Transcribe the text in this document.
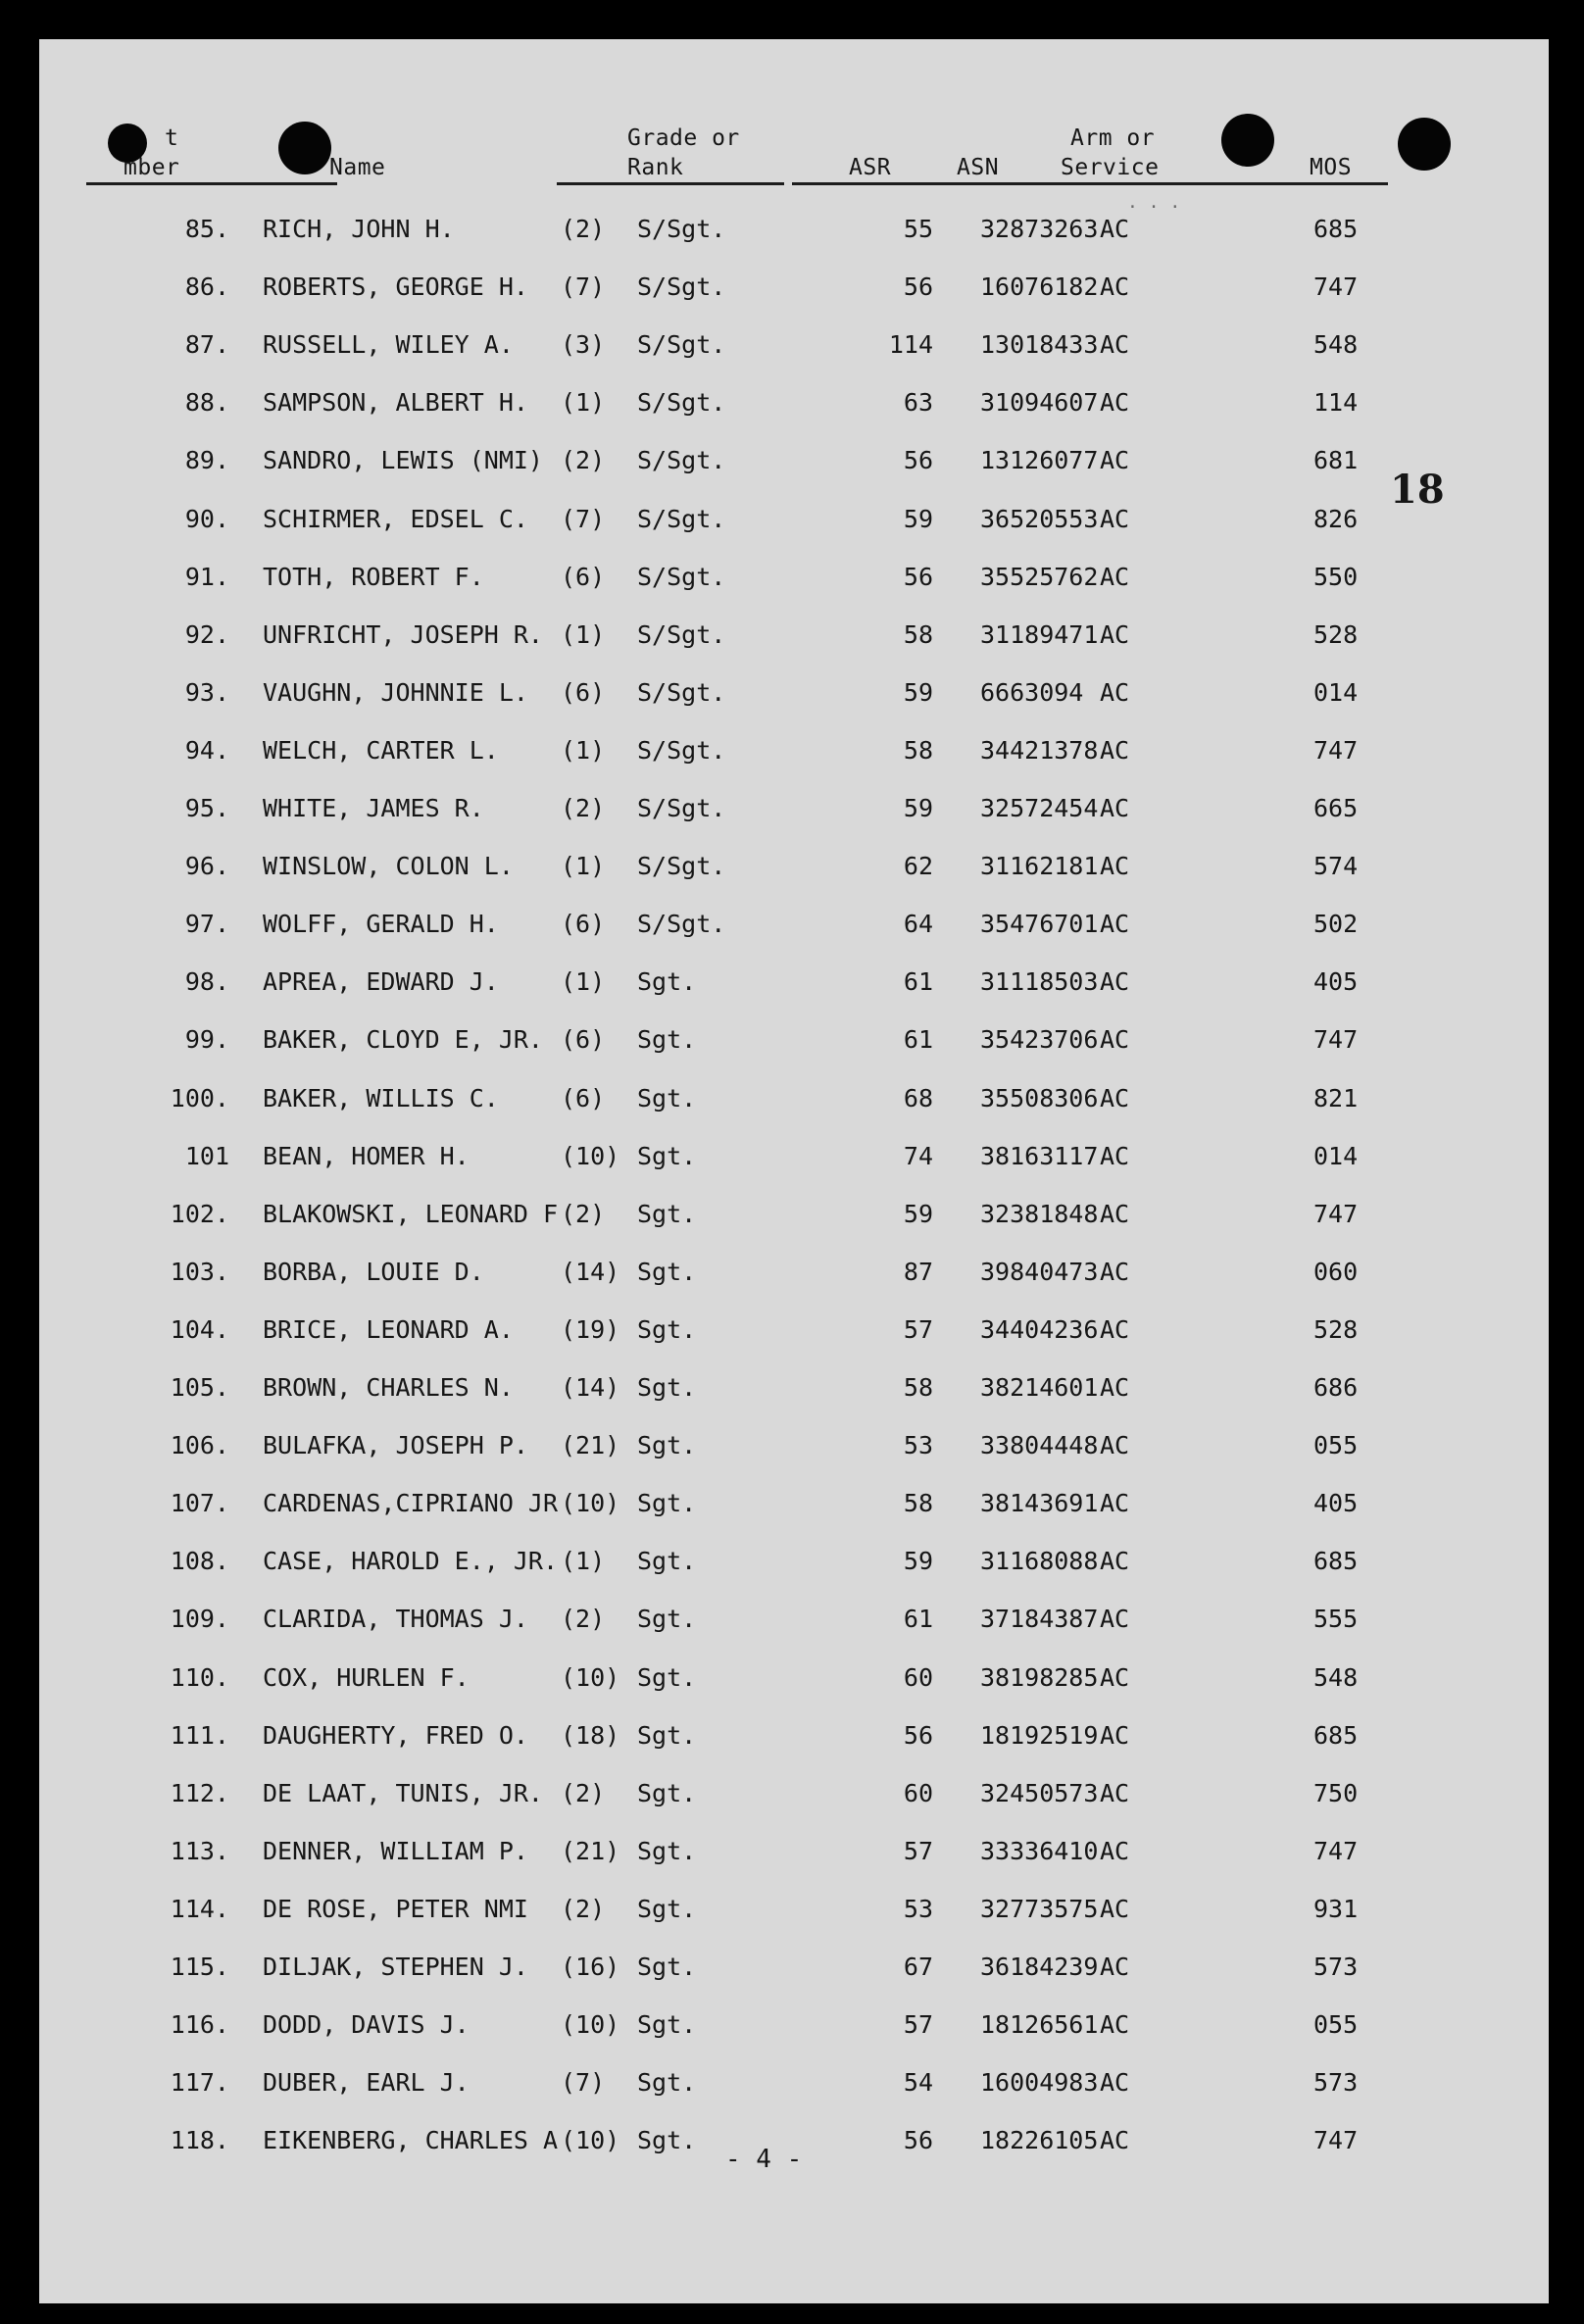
t
mber	Name
Grade or
Rank	ASR	ASN
Arm or
Service	MOS
. . .
85. RICH, JOHN H.	(2) S/Sgt.	55 32873263 AC	685
86. ROBERTS, GEORGE H. (7) S/Sgt.	56 16076182 AC	747
87. RUSSELL, WILEY A. (3) S/Sgt.	114 13018433 AC	548
88. SAMPSON, ALBERT H. (1) S/Sgt.	63 31094607 AC	114
89. SANDRO, LEWIS (NMI) (2) S/Sgt.	56 13126077 AC	681
90. SCHIRMER, EDSEL C. (7) S/Sgt.	59 36520553 AC	826
91. TOTH, ROBERT F.	(6) S/Sgt.	56 35525762 AC	550
92. UNFRICHT, JOSEPH R. (1) S/Sgt.	58 31189471 AC	528
93. VAUGHN, JOHNNIE L. (6) S/Sgt.	59 6663094 AC	014
94. WELCH, CARTER L.	(1) S/Sgt.	58 34421378 AC	747
95. WHITE, JAMES R.	(2) S/Sgt.	59 32572454 AC	665
96. WINSLOW, COLON L. (1) S/Sgt.	62 31162181 AC	574
97. WOLFF, GERALD H.	(6) S/Sgt.	64 35476701 AC	502
98. APREA, EDWARD J.	(1) Sgt.	61 31118503 AC	405
99. BAKER, CLOYD E, JR. (6) Sgt.	61 35423706 AC	747
100. BAKER, WILLIS C.	(6) Sgt.	68 35508306 AC	821
101 BEAN, HOMER H.	(10) Sgt.	74 38163117 AC	014
102. BLAKOWSKI, LEONARD F (2) Sgt.	59 32381848 AC	747
103. BORBA, LOUIE D.	(14) Sgt.	87 39840473 AC	060
104. BRICE, LEONARD A. (19) Sgt.	57 34404236 AC	528
105. BROWN, CHARLES N. (14) Sgt.	58 38214601 AC	686
106. BULAFKA, JOSEPH P. (21) Sgt.	53 33804448 AC	055
107. CARDENAS,CIPRIANO JR (10) Sgt.	58 38143691 AC	405
108. CASE, HAROLD E., JR. (1) Sgt.	59 31168088 AC	685
109. CLARIDA, THOMAS J. (2) Sgt.	61 37184387 AC	555
110. COX, HURLEN F.	(10) Sgt.	60 38198285 AC	548
111. DAUGHERTY, FRED O. (18) Sgt.	56 18192519 AC	685
112. DE LAAT, TUNIS, JR. (2) Sgt.	60 32450573 AC	750
113. DENNER, WILLIAM P. (21) Sgt.	57 33336410 AC	747
114. DE ROSE, PETER NMI (2) Sgt.	53 32773575 AC	931
115. DILJAK, STEPHEN J. (16) Sgt.	67 36184239 AC	573
116. DODD, DAVIS J.	(10) Sgt.	57 18126561 AC	055
117. DUBER, EARL J.	(7) Sgt.	54 16004983 AC	573
118. EIKENBERG, CHARLES A (10) Sgt.	56 18226105 AC	747
18
- 4 -
